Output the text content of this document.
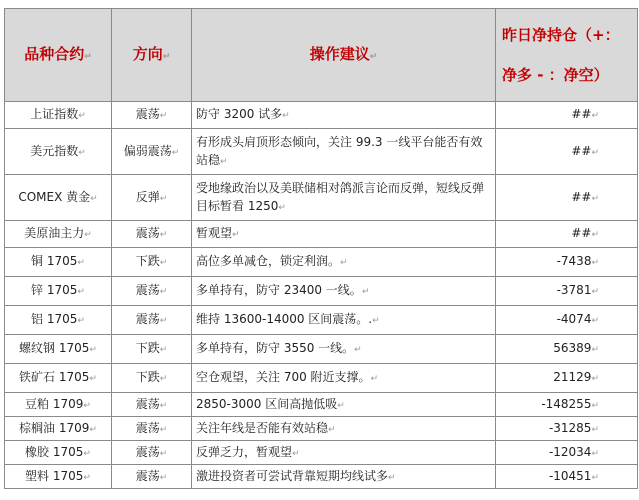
品种合约↵	方向↵	操作建议↵	昨日净持仓（+：
净多 - ：净空）

上证指数↵	震荡↵	防守 3200 试多↵	##↵
美元指数↵	偏弱震荡↵	有形成头肩顶形态倾向，关注 99.3 一线平台能否有效站稳↵	##↵
COMEX 黄金↵	反弹↵	受地缘政治以及美联储相对鸽派言论而反弹，短线反弹目标暂看 1250↵	##↵
美原油主力↵	震荡↵	暂观望↵	##↵
铜 1705↵	下跌↵	高位多单减仓，锁定利润。↵	-7438↵
锌 1705↵	震荡↵	多单持有，防守 23400 一线。↵	-3781↵
铝 1705↵	震荡↵	维持 13600-14000 区间震荡。.↵	-4074↵
螺纹钢 1705↵	下跌↵	多单持有，防守 3550 一线。↵	56389↵
铁矿石 1705↵	下跌↵	空仓观望，关注 700 附近支撑。↵	21129↵
豆粕 1709↵	震荡↵	2850-3000 区间高抛低吸↵	-148255↵
棕榈油 1709↵	震荡↵	关注年线是否能有效站稳↵	-31285↵
橡胶 1705↵	震荡↵	反弹乏力，暂观望↵	-12034↵
塑料 1705↵	震荡↵	激进投资者可尝试背靠短期均线试多↵	-10451↵
